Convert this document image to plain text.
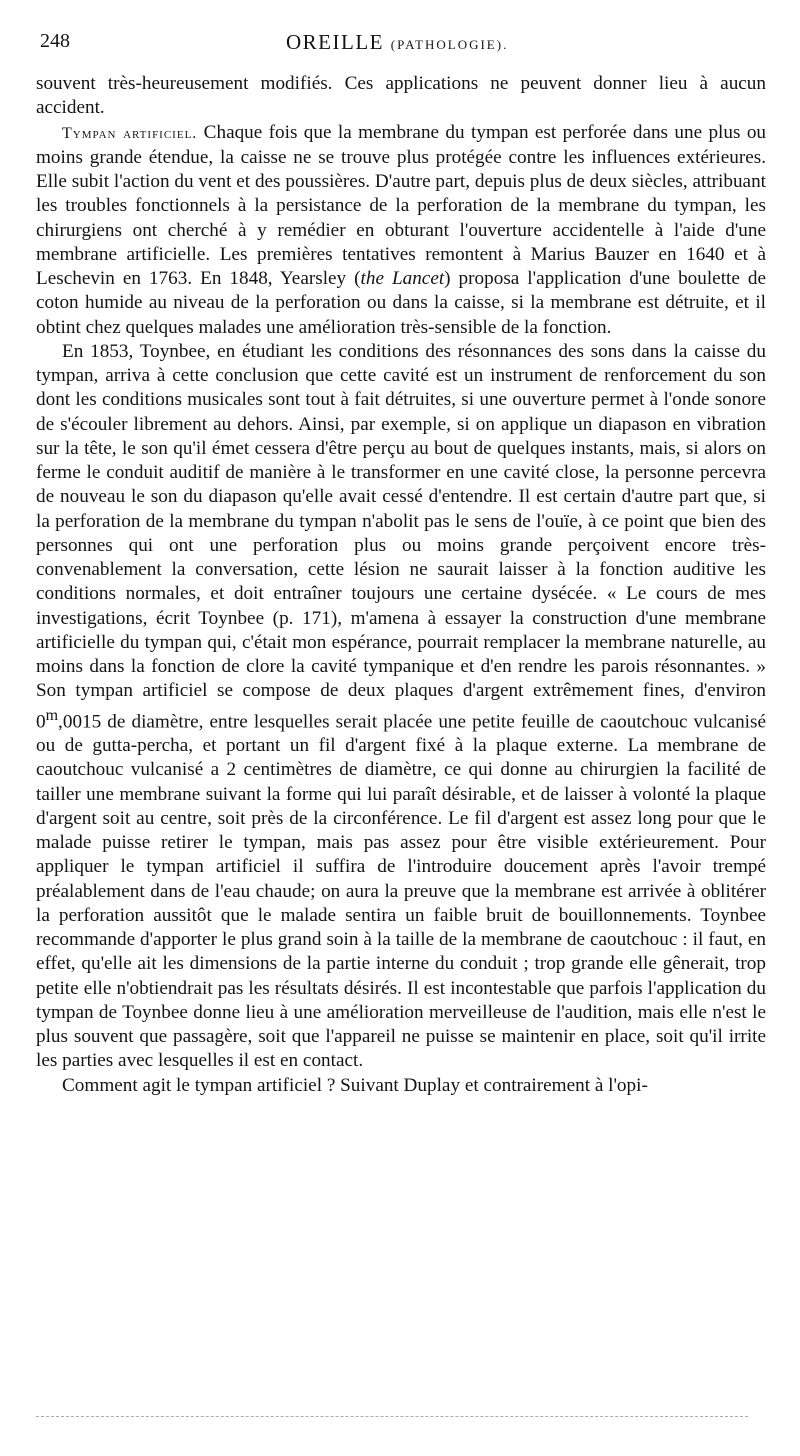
248	OREILLE (PATHOLOGIE).

souvent très-heureusement modifiés. Ces applications ne peuvent donner lieu à aucun accident.

Tympan artificiel. Chaque fois que la membrane du tympan est perforée dans une plus ou moins grande étendue, la caisse ne se trouve plus protégée contre les influences extérieures. Elle subit l'action du vent et des poussières. D'autre part, depuis plus de deux siècles, attribuant les troubles fonctionnels à la persistance de la perforation de la membrane du tympan, les chirurgiens ont cherché à y remédier en obturant l'ouverture accidentelle à l'aide d'une membrane artificielle. Les premières tentatives remontent à Marius Bauzer en 1640 et à Leschevin en 1763. En 1848, Yearsley (the Lancet) proposa l'application d'une boulette de coton humide au niveau de la perforation ou dans la caisse, si la membrane est détruite, et il obtint chez quelques malades une amélioration très-sensible de la fonction.

En 1853, Toynbee, en étudiant les conditions des résonnances des sons dans la caisse du tympan, arriva à cette conclusion que cette cavité est un instrument de renforcement du son dont les conditions musicales sont tout à fait détruites, si une ouverture permet à l'onde sonore de s'écouler librement au dehors. Ainsi, par exemple, si on applique un diapason en vibration sur la tête, le son qu'il émet cessera d'être perçu au bout de quelques instants, mais, si alors on ferme le conduit auditif de manière à le transformer en une cavité close, la personne percevra de nouveau le son du diapason qu'elle avait cessé d'entendre. Il est certain d'autre part que, si la perforation de la membrane du tympan n'abolit pas le sens de l'ouïe, à ce point que bien des personnes qui ont une perforation plus ou moins grande perçoivent encore très-convenablement la conversation, cette lésion ne saurait laisser à la fonction auditive les conditions normales, et doit entraîner toujours une certaine dysécée. « Le cours de mes investigations, écrit Toynbee (p. 171), m'amena à essayer la construction d'une membrane artificielle du tympan qui, c'était mon espérance, pourrait remplacer la membrane naturelle, au moins dans la fonction de clore la cavité tympanique et d'en rendre les parois résonnantes. » Son tympan artificiel se compose de deux plaques d'argent extrêmement fines, d'environ 0$^m$,0015 de diamètre, entre lesquelles serait placée une petite feuille de caoutchouc vulcanisé ou de gutta-percha, et portant un fil d'argent fixé à la plaque externe. La membrane de caoutchouc vulcanisé a 2 centimètres de diamètre, ce qui donne au chirurgien la facilité de tailler une membrane suivant la forme qui lui paraît désirable, et de laisser à volonté la plaque d'argent soit au centre, soit près de la circonférence. Le fil d'argent est assez long pour que le malade puisse retirer le tympan, mais pas assez pour être visible extérieurement. Pour appliquer le tympan artificiel il suffira de l'introduire doucement après l'avoir trempé préalablement dans de l'eau chaude; on aura la preuve que la membrane est arrivée à oblitérer la perforation aussitôt que le malade sentira un faible bruit de bouillonnements. Toynbee recommande d'apporter le plus grand soin à la taille de la membrane de caoutchouc : il faut, en effet, qu'elle ait les dimensions de la partie interne du conduit ; trop grande elle gênerait, trop petite elle n'obtiendrait pas les résultats désirés. Il est incontestable que parfois l'application du tympan de Toynbee donne lieu à une amélioration merveilleuse de l'audition, mais elle n'est le plus souvent que passagère, soit que l'appareil ne puisse se maintenir en place, soit qu'il irrite les parties avec lesquelles il est en contact.

Comment agit le tympan artificiel ? Suivant Duplay et contrairement à l'opi-
